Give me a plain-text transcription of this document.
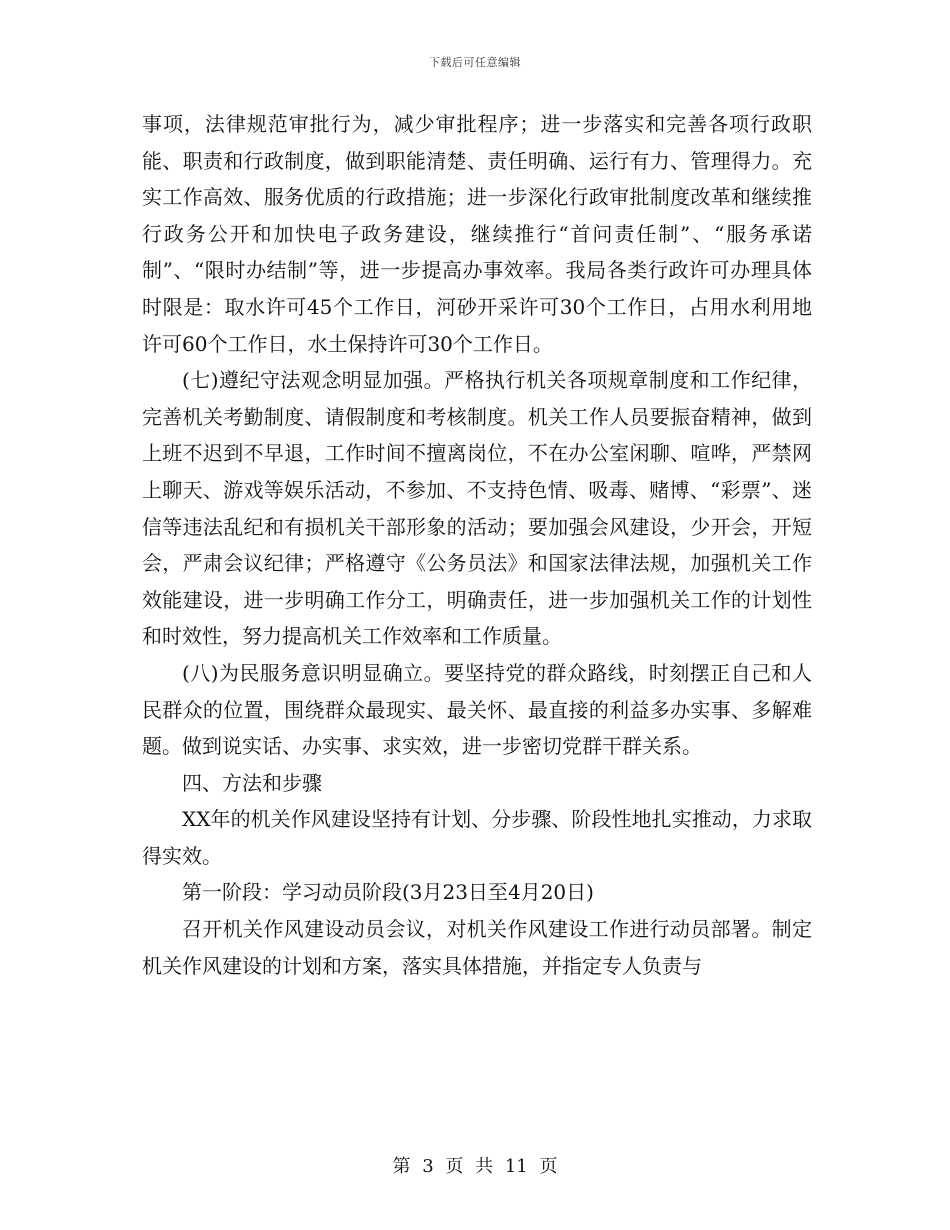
下载后可任意编辑

事项，法律规范审批行为，减少审批程序；进一步落实和完善各项行政职能、职责和行政制度，做到职能清楚、责任明确、运行有力、管理得力。充实工作高效、服务优质的行政措施；进一步深化行政审批制度改革和继续推行政务公开和加快电子政务建设，继续推行“首问责任制”、“服务承诺制”、“限时办结制”等，进一步提高办事效率。我局各类行政许可办理具体时限是：取水许可45个工作日，河砂开采许可30个工作日，占用水利用地许可60个工作日，水土保持许可30个工作日。

(七)遵纪守法观念明显加强。严格执行机关各项规章制度和工作纪律，完善机关考勤制度、请假制度和考核制度。机关工作人员要振奋精神，做到上班不迟到不早退，工作时间不擅离岗位，不在办公室闲聊、喧哗，严禁网上聊天、游戏等娱乐活动，不参加、不支持色情、吸毒、赌博、“彩票”、迷信等违法乱纪和有损机关干部形象的活动；要加强会风建设，少开会，开短会，严肃会议纪律；严格遵守《公务员法》和国家法律法规，加强机关工作效能建设，进一步明确工作分工，明确责任，进一步加强机关工作的计划性和时效性，努力提高机关工作效率和工作质量。

(八)为民服务意识明显确立。要坚持党的群众路线，时刻摆正自己和人民群众的位置，围绕群众最现实、最关怀、最直接的利益多办实事、多解难题。做到说实话、办实事、求实效，进一步密切党群干群关系。

四、方法和步骤

XX年的机关作风建设坚持有计划、分步骤、阶段性地扎实推动，力求取得实效。

第一阶段：学习动员阶段(3月23日至4月20日)

召开机关作风建设动员会议，对机关作风建设工作进行动员部署。制定机关作风建设的计划和方案，落实具体措施，并指定专人负责与

第 3 页 共 11 页
